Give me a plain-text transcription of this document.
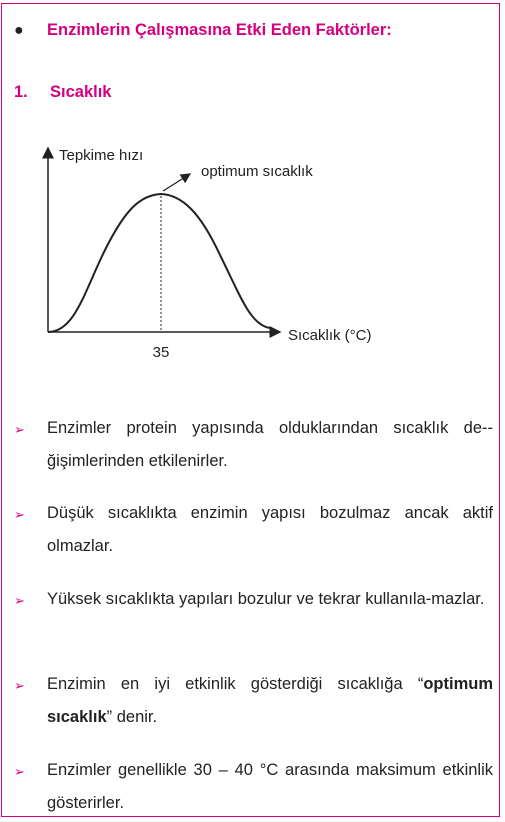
●	Enzimlerin Çalışmasına Etki Eden Faktörler:
1.	Sıcaklık
Tepkime hızı
Sıcaklık (°C)
optimum sıcaklık
35
➢	Enzimler protein yapısında olduklarından sıcaklık de-ğişimlerinden etkilenirler.
➢	Düşük sıcaklıkta enzimin yapısı bozulmaz ancak aktif olmazlar.
➢	Yüksek sıcaklıkta yapıları bozulur ve tekrar kullanıla-mazlar.
➢	Enzimin en iyi etkinlik gösterdiği sıcaklığa “optimum sıcaklık” denir.
➢	Enzimler genellikle 30 – 40 °C arasında maksimum etkinlik gösterirler.
